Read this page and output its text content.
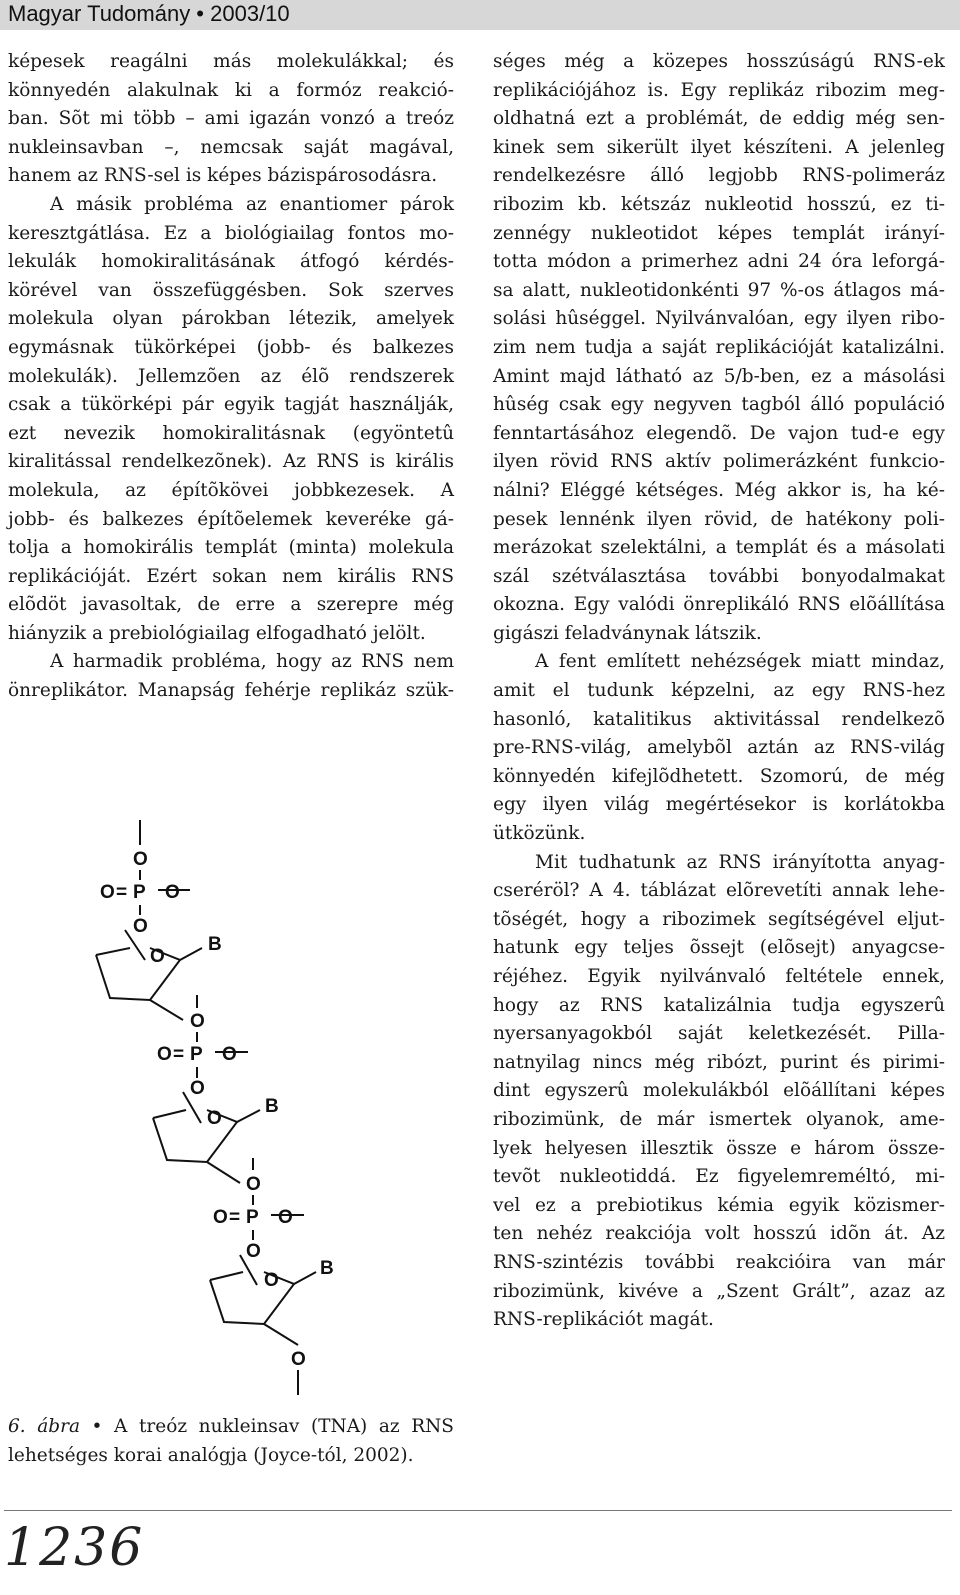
Magyar Tudomány • 2003/10
képesek reagálni más molekulákkal; és
könnyedén alakulnak ki a formóz reakció-
ban. Sõt mi több – ami igazán vonzó a treóz
nukleinsavban –, nemcsak saját magával,
hanem az RNS-sel is képes bázispárosodásra.
A másik probléma az enantiomer párok
keresztgátlása. Ez a biológiailag fontos mo-
lekulák homokiralitásának átfogó kérdés-
körével van összefüggésben. Sok szerves
molekula olyan párokban létezik, amelyek
egymásnak tükörképei (jobb- és balkezes
molekulák). Jellemzõen az élõ rendszerek
csak a tükörképi pár egyik tagját használják,
ezt nevezik homokiralitásnak (egyöntetû
kiralitással rendelkezõnek). Az RNS is királis
molekula, az építõkövei jobbkezesek. A
jobb- és balkezes építõelemek keveréke gá-
tolja a homokirális templát (minta) molekula
replikációját. Ezért sokan nem királis RNS
elõdöt javasoltak, de erre a szerepre még
hiányzik a prebiológiailag elfogadható jelölt.
A harmadik probléma, hogy az RNS nem
önreplikátor. Manapság fehérje replikáz szük-
O
O = P O
O
O
B
O
O = P O
O
O
B
O
O = P O
O
O
B
O
6. ábra • A treóz nukleinsav (TNA) az RNS
lehetséges korai analógja (Joyce-tól, 2002).
séges még a közepes hosszúságú RNS-ek
replikációjához is. Egy replikáz ribozim meg-
oldhatná ezt a problémát, de eddig még sen-
kinek sem sikerült ilyet készíteni. A jelenleg
rendelkezésre álló legjobb RNS-polimeráz
ribozim kb. kétszáz nukleotid hosszú, ez ti-
zennégy nukleotidot képes templát irányí-
totta módon a primerhez adni 24 óra leforgá-
sa alatt, nukleotidonkénti 97 %-os átlagos má-
solási hûséggel. Nyilvánvalóan, egy ilyen ribo-
zim nem tudja a saját replikációját katalizálni.
Amint majd látható az 5/b-ben, ez a másolási
hûség csak egy negyven tagból álló populáció
fenntartásához elegendõ. De vajon tud-e egy
ilyen rövid RNS aktív polimerázként funkcio-
nálni? Eléggé kétséges. Még akkor is, ha ké-
pesek lennénk ilyen rövid, de hatékony poli-
merázokat szelektálni, a templát és a másolati
szál szétválasztása további bonyodalmakat
okozna. Egy valódi önreplikáló RNS elõállítása
gigászi feladványnak látszik.
A fent említett nehézségek miatt mindaz,
amit el tudunk képzelni, az egy RNS-hez
hasonló, katalitikus aktivitással rendelkezõ
pre-RNS-világ, amelybõl aztán az RNS-világ
könnyedén kifejlõdhetett. Szomorú, de még
egy ilyen világ megértésekor is korlátokba
ütközünk.
Mit tudhatunk az RNS irányította anyag-
cseréröl? A 4. táblázat elõrevetíti annak lehe-
tõségét, hogy a ribozimek segítségével eljut-
hatunk egy teljes õssejt (elõsejt) anyagcse-
réjéhez. Egyik nyilvánvaló feltétele ennek,
hogy az RNS katalizálnia tudja egyszerû
nyersanyagokból saját keletkezését. Pilla-
natnyilag nincs még ribózt, purint és pirimi-
dint egyszerû molekulákból elõállítani képes
ribozimünk, de már ismertek olyanok, ame-
lyek helyesen illesztik össze e három össze-
tevõt nukleotiddá. Ez figyelemreméltó, mi-
vel ez a prebiotikus kémia egyik közismer-
ten nehéz reakciója volt hosszú idõn át. Az
RNS-szintézis további reakcióira van már
ribozimünk, kivéve a „Szent Grált”, azaz az
RNS-replikációt magát.
1236
